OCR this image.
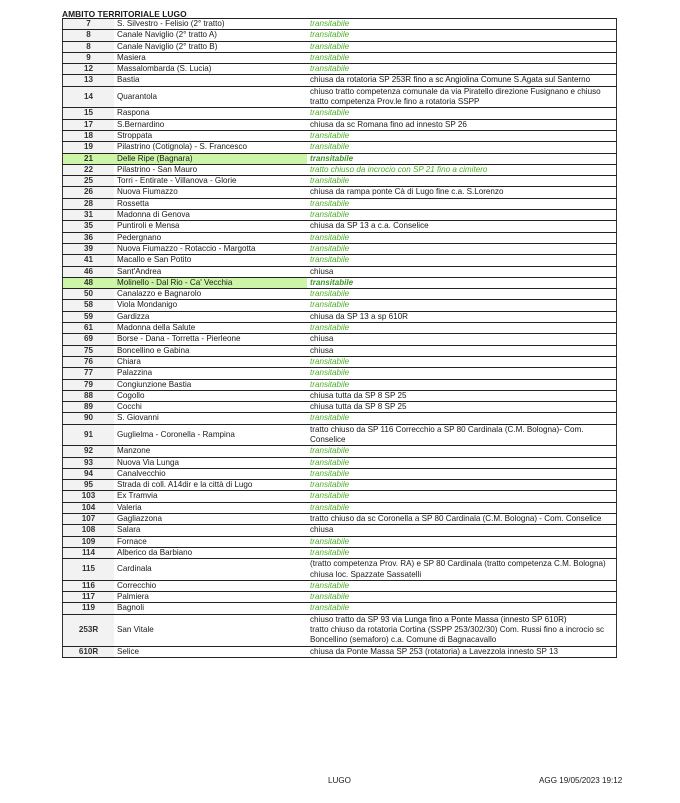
AMBITO TERRITORIALE LUGO
7	S. Silvestro - Felisio (2° tratto)	transitabile
8	Canale Naviglio (2° tratto A)	transitabile
8	Canale Naviglio (2° tratto B)	transitabile
9	Masiera	transitabile
12	Massalombarda (S. Lucia)	transitabile
13	Bastia	chiusa da rotatoria SP 253R fino a sc Angiolina Comune S.Agata sul Santerno
14	Quarantola	chiuso tratto competenza comunale da via Piratello direzione Fusignano e chiuso tratto competenza Prov.le fino a rotatoria SSPP
15	Raspona	transitabile
17	S.Bernardino	chiusa da sc Romana fino ad innesto SP 26
18	Stroppata	transitabile
19	Pilastrino (Cotignola) - S. Francesco	transitabile
21	Delle Ripe (Bagnara)	transitabile
22	Pilastrino - San Mauro	tratto chiuso da incrocio con SP 21 fino a cimitero
25	Torri - Entirate - Villanova - Glorie	transitabile
26	Nuova Fiumazzo	chiusa da rampa ponte Cà di Lugo fine c.a. S.Lorenzo
28	Rossetta	transitabile
31	Madonna di Genova	transitabile
35	Puntiroli e Mensa	chiusa da SP 13 a c.a. Conselice
36	Pedergnano	transitabile
39	Nuova Fiumazzo - Rotaccio - Margotta	transitabile
41	Macallo e San Potito	transitabile
46	Sant'Andrea	chiusa
48	Molinello - Dal Rio - Ca' Vecchia	transitabile
50	Canalazzo e Bagnarolo	transitabile
58	Viola Mondanigo	transitabile
59	Gardizza	chiusa da SP 13 a sp 610R
61	Madonna della Salute	transitabile
69	Borse - Dana - Torretta - Pierleone	chiusa
75	Boncellino e Gabina	chiusa
76	Chiara	transitabile
77	Palazzina	transitabile
79	Congiunzione Bastia	transitabile
88	Cogollo	chiusa tutta da SP 8 SP 25
89	Cocchi	chiusa tutta da SP 8 SP 25
90	S. Giovanni	transitabile
91	Guglielma - Coronella - Rampina	tratto chiuso da SP 116 Correcchio a SP 80 Cardinala (C.M. Bologna)- Com. Conselice
92	Manzone	transitabile
93	Nuova Via Lunga	transitabile
94	Canalvecchio	transitabile
95	Strada di coll. A14dir e la città di Lugo	transitabile
103	Ex Tramvia	transitabile
104	Valeria	transitabile
107	Gagliazzona	tratto chiuso da sc Coronella a SP 80 Cardinala (C.M. Bologna) - Com. Conselice
108	Salara	chiusa
109	Fornace	transitabile
114	Alberico da Barbiano	transitabile
115	Cardinala	(tratto competenza Prov. RA) e SP 80 Cardinala (tratto competenza C.M. Bologna) chiusa loc. Spazzate Sassatelli
116	Correcchio	transitabile
117	Palmiera	transitabile
119	Bagnoli	transitabile
253R	San Vitale	chiuso tratto da SP 93 via Lunga fino a Ponte Massa (innesto SP 610R)
tratto chiuso da rotatoria Cortina (SSPP 253/302/30) Com. Russi fino a incrocio sc Boncellino (semaforo) c.a. Comune di Bagnacavallo
610R	Selice	chiusa da Ponte Massa SP 253 (rotatoria) a Lavezzola innesto SP 13
LUGO	AGG 19/05/2023 19:12
